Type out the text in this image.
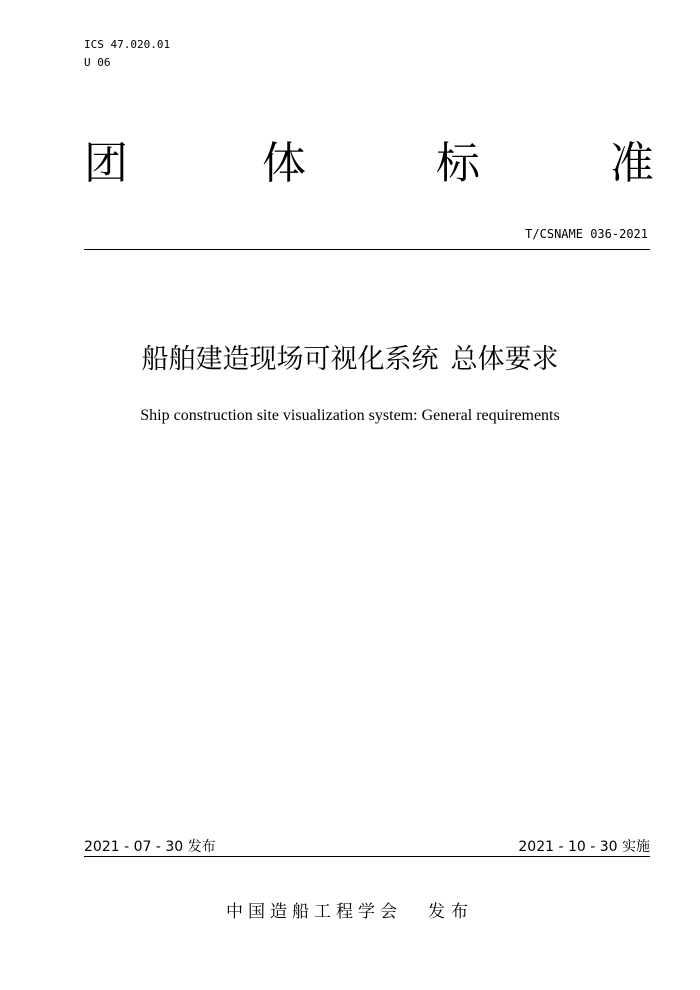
ICS 47.020.01
U 06
团	体	标	准
T/CSNAME 036-2021
船舶建造现场可视化系统 总体要求
Ship construction site visualization system: General requirements
2021 - 07 - 30 发布	2021 - 10 - 30 实施
中国造船工程学会 发布
